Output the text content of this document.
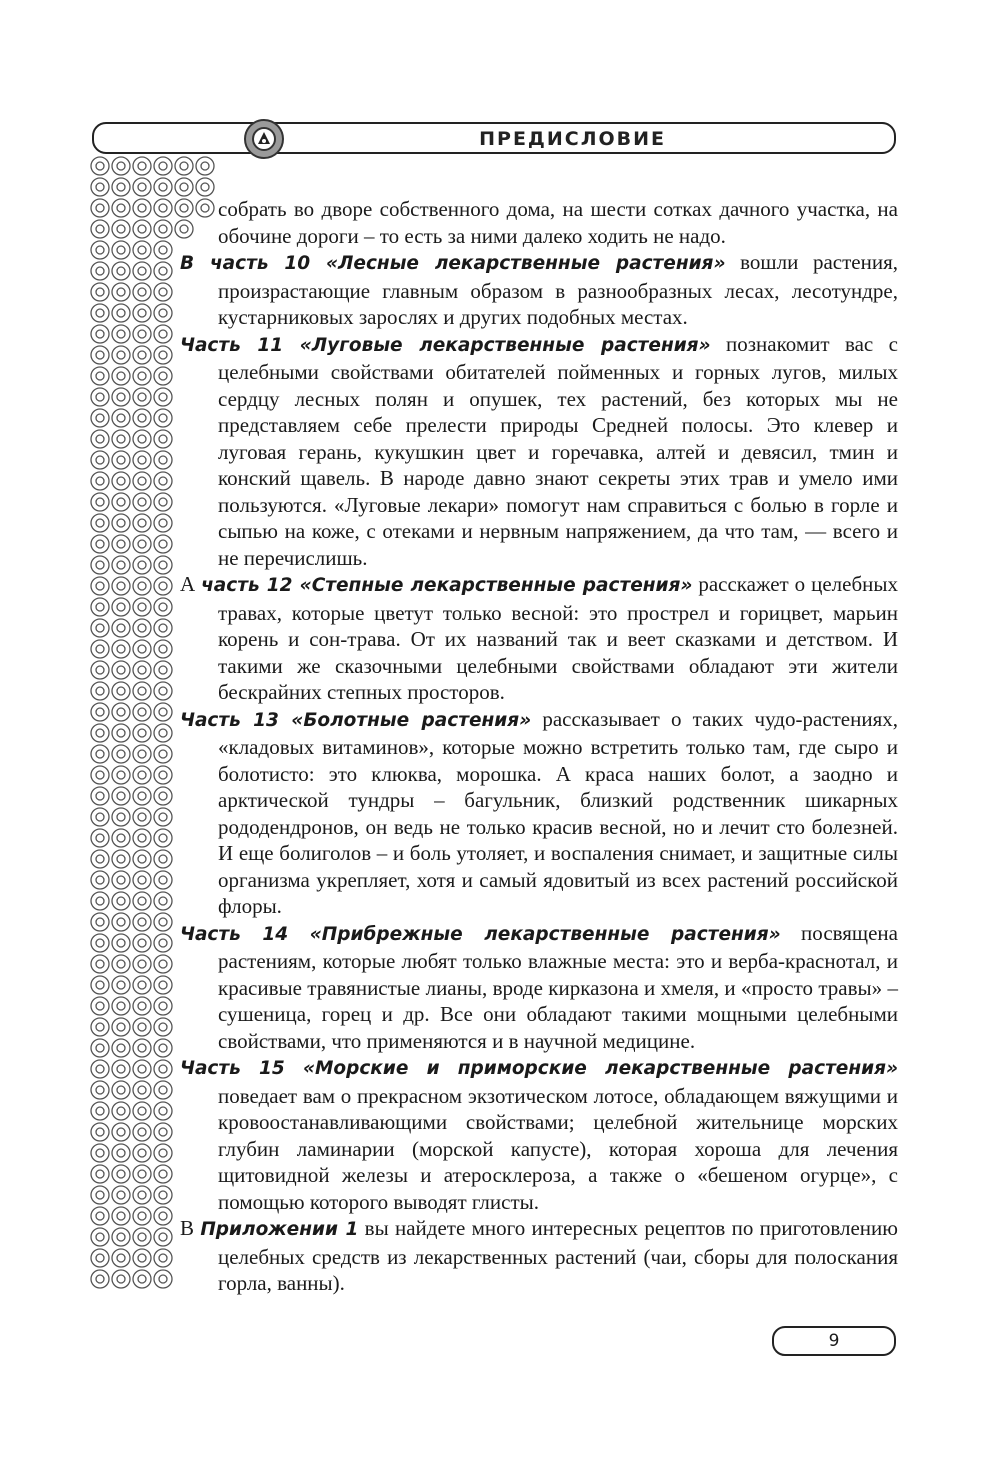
ПРЕДИСЛОВИЕ

собрать во дворе собственного дома, на шести сотках дачного участка, на обочине дороги – то есть за ними далеко ходить не надо.

В часть 10 «Лесные лекарственные растения» вошли растения, произрастающие главным образом в разнообразных лесах, лесотундре, кустарниковых зарослях и других подобных местах.

Часть 11 «Луговые лекарственные растения» познакомит вас с целебными свойствами обитателей пойменных и горных лугов, милых сердцу лесных полян и опушек, тех растений, без которых мы не представляем себе прелести природы Средней полосы. Это клевер и луговая герань, кукушкин цвет и горечавка, алтей и девясил, тмин и конский щавель. В народе давно знают секреты этих трав и умело ими пользуются. «Луговые лекари» помогут нам справиться с болью в горле и сыпью на коже, с отеками и нервным напряжением, да что там, — всего и не перечислишь.

А часть 12 «Степные лекарственные растения» расскажет о целебных травах, которые цветут только весной: это прострел и горицвет, марьин корень и сон-трава. От их названий так и веет сказками и детством. И такими же сказочными целебными свойствами обладают эти жители бескрайних степных просторов.

Часть 13 «Болотные растения» рассказывает о таких чудо-растениях, «кладовых витаминов», которые можно встретить только там, где сыро и болотисто: это клюква, морошка. А краса наших болот, а заодно и арктической тундры – багульник, близкий родственник шикарных рододендронов, он ведь не только красив весной, но и лечит сто болезней. И еще болиголов – и боль утоляет, и воспаления снимает, и защитные силы организма укрепляет, хотя и самый ядовитый из всех растений российской флоры.

Часть 14 «Прибрежные лекарственные растения» посвящена растениям, которые любят только влажные места: это и верба-краснотал, и красивые травянистые лианы, вроде кирказона и хмеля, и «просто травы» – сушеница, горец и др. Все они обладают такими мощными целебными свойствами, что применяются и в научной медицине.

Часть 15 «Морские и приморские лекарственные растения» поведает вам о прекрасном экзотическом лотосе, обладающем вяжущими и кровоостанавливающими свойствами; целебной жительнице морских глубин ламинарии (морской капусте), которая хороша для лечения щитовидной железы и атеросклероза, а также о «бешеном огурце», с помощью которого выводят глисты.

В Приложении 1 вы найдете много интересных рецептов по приготовлению целебных средств из лекарственных растений (чаи, сборы для полоскания горла, ванны).

9
